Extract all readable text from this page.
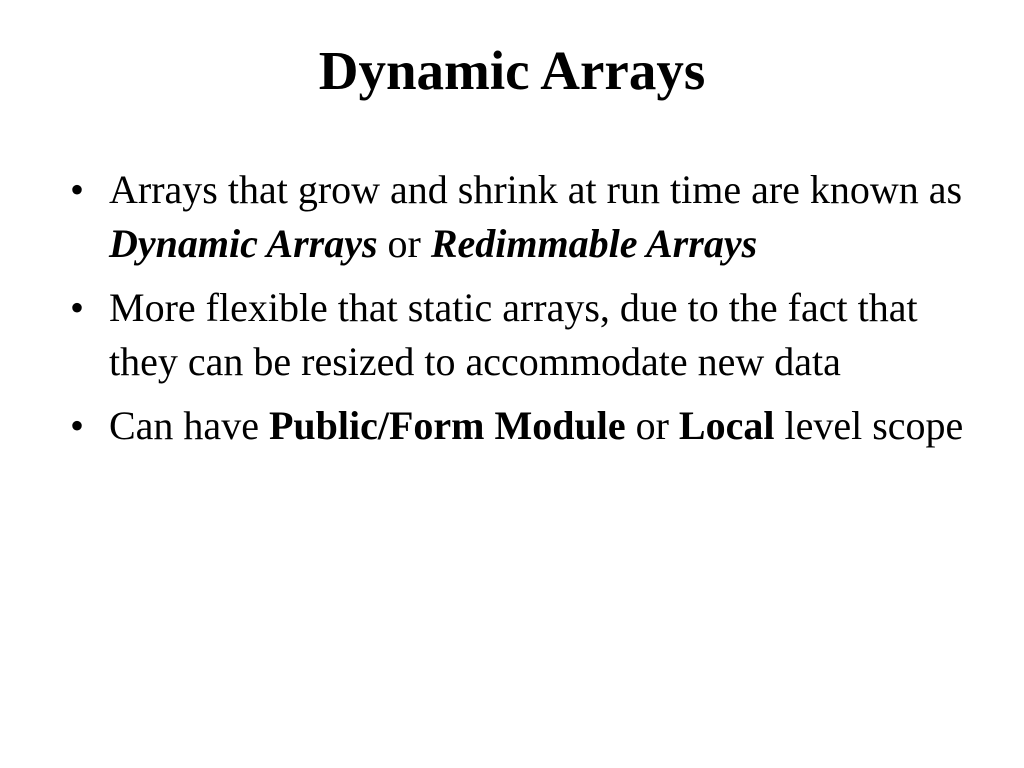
Dynamic Arrays
• Arrays that grow and shrink at run time are known as Dynamic Arrays or Redimmable Arrays
• More flexible that static arrays, due to the fact that they can be resized to accommodate new data
• Can have Public/Form Module or Local level scope
